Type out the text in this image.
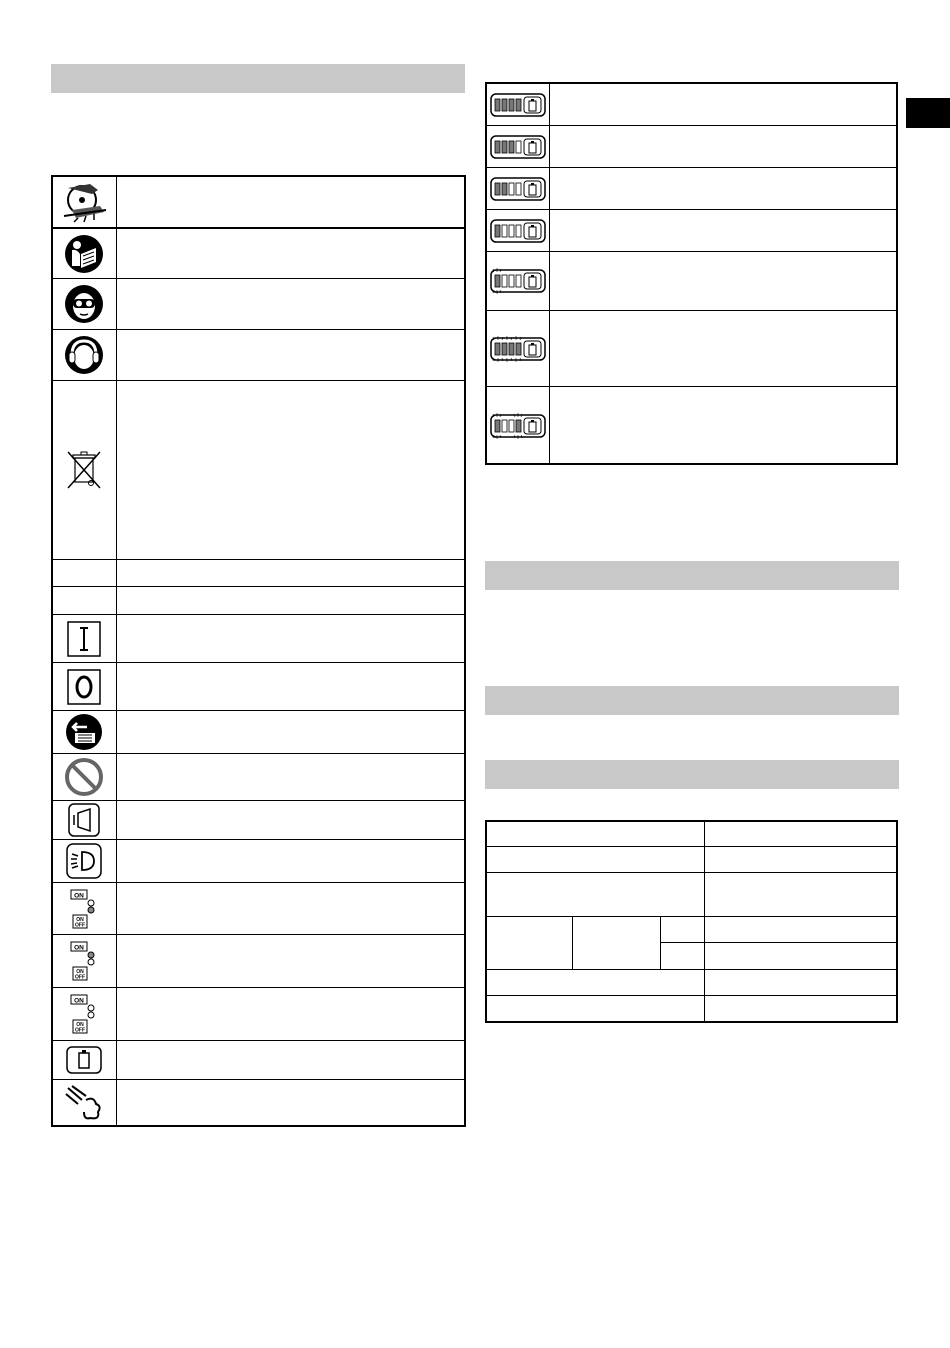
ON
ON
OFF
ON
ON
OFF
ON
ON
OFF
